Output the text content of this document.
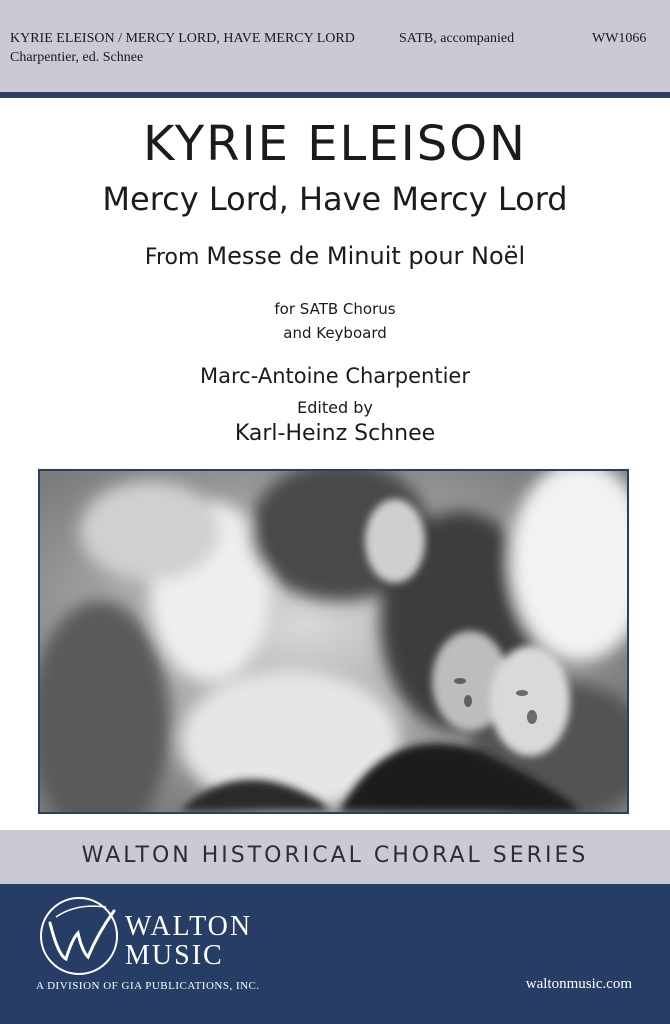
KYRIE ELEISON / MERCY LORD, HAVE MERCY LORD
Charpentier, ed. Schnee
SATB, accompanied	WW1066
KYRIE ELEISON
Mercy Lord, Have Mercy Lord
From Messe de Minuit pour Noël
for SATB Chorus
and Keyboard
Marc-Antoine Charpentier
Edited by
Karl-Heinz Schnee
WALTON HISTORICAL CHORAL SERIES
WALTON
MUSIC
A DIVISION OF GIA PUBLICATIONS, INC.	waltonmusic.com
